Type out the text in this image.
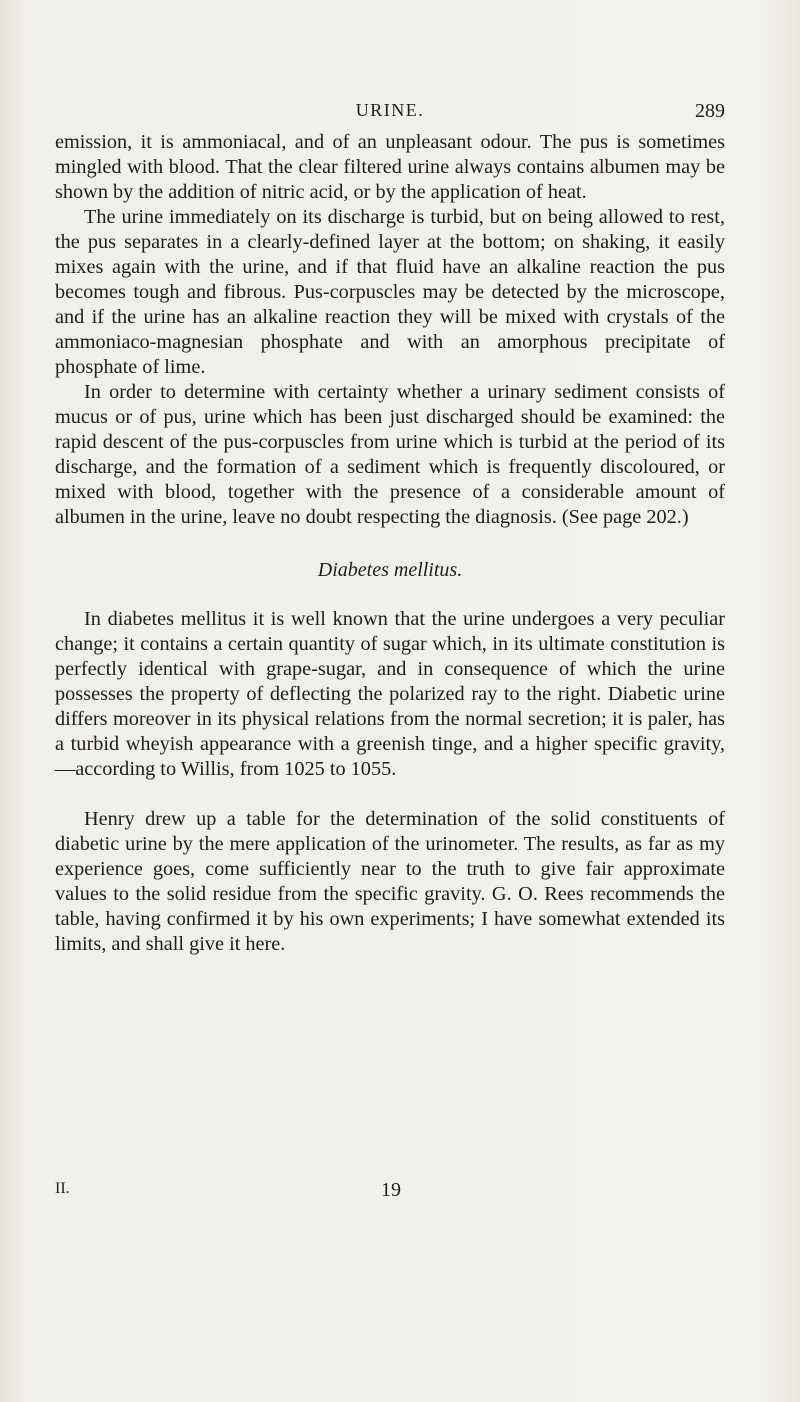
URINE.	289

emission, it is ammoniacal, and of an unpleasant odour. The pus is sometimes mingled with blood. That the clear filtered urine always contains albumen may be shown by the addition of nitric acid, or by the application of heat.

The urine immediately on its discharge is turbid, but on being allowed to rest, the pus separates in a clearly-defined layer at the bottom; on shaking, it easily mixes again with the urine, and if that fluid have an alkaline reaction the pus becomes tough and fibrous. Pus-corpuscles may be detected by the microscope, and if the urine has an alkaline reaction they will be mixed with crystals of the ammoniaco-magnesian phosphate and with an amorphous precipitate of phosphate of lime.

In order to determine with certainty whether a urinary sediment consists of mucus or of pus, urine which has been just discharged should be examined: the rapid descent of the pus-corpuscles from urine which is turbid at the period of its discharge, and the formation of a sediment which is frequently discoloured, or mixed with blood, together with the presence of a considerable amount of albumen in the urine, leave no doubt respecting the diagnosis. (See page 202.)

Diabetes mellitus.

In diabetes mellitus it is well known that the urine undergoes a very peculiar change; it contains a certain quantity of sugar which, in its ultimate constitution is perfectly identical with grape-sugar, and in consequence of which the urine possesses the property of deflecting the polarized ray to the right. Diabetic urine differs moreover in its physical relations from the normal secretion; it is paler, has a turbid wheyish appearance with a greenish tinge, and a higher specific gravity,—according to Willis, from 1025 to 1055.

Henry drew up a table for the determination of the solid constituents of diabetic urine by the mere application of the urinometer. The results, as far as my experience goes, come sufficiently near to the truth to give fair approximate values to the solid residue from the specific gravity. G. O. Rees recommends the table, having confirmed it by his own experiments; I have somewhat extended its limits, and shall give it here.

II.	19
